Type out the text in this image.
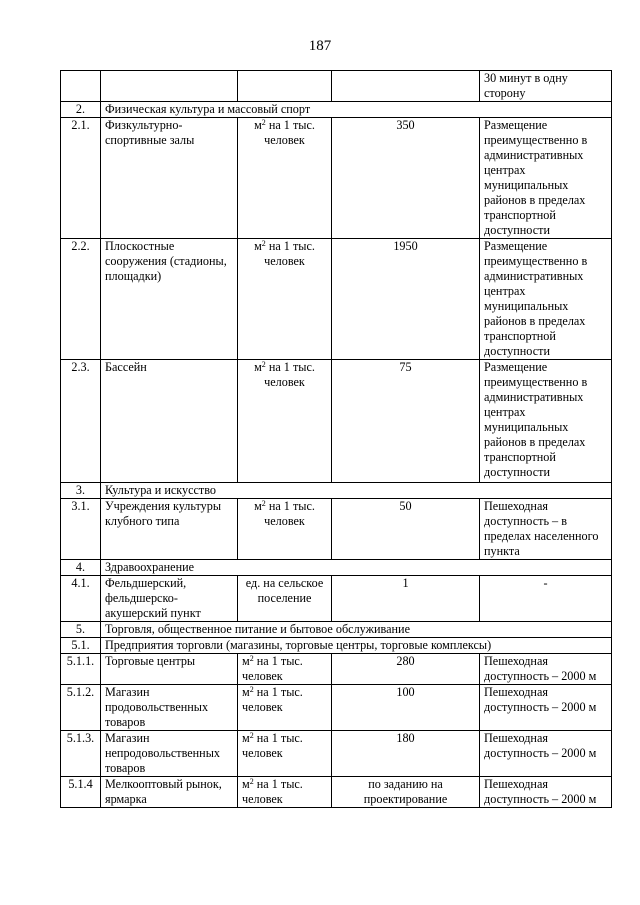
187
				30 минут в одну сторону
2.	Физическая культура и массовый спорт			
2.1.	Физкультурно-спортивные залы	$м^2$ на 1 тыс. человек	350	Размещение преимущественно в административных центрах муниципальных районов в пределах транспортной доступности
2.2.	Плоскостные сооружения (стадионы, площадки)	$м^2$ на 1 тыс. человек	1950	Размещение преимущественно в административных центрах муниципальных районов в пределах транспортной доступности
2.3.	Бассейн	$м^2$ на 1 тыс. человек	75	Размещение преимущественно в административных центрах муниципальных районов в пределах транспортной доступности
3.	Культура и искусство			
3.1.	Учреждения культуры клубного типа	$м^2$ на 1 тыс. человек	50	Пешеходная доступность – в пределах населенного пункта
4.	Здравоохранение			
4.1.	Фельдшерский, фельдшерско-акушерский пункт	ед. на сельское поселение	1	-
5.	Торговля, общественное питание и бытовое обслуживание			
5.1.	Предприятия торговли (магазины, торговые центры, торговые комплексы)			
5.1.1.	Торговые центры	$м^2$ на 1 тыс. человек	280	Пешеходная доступность – 2000 м
5.1.2.	Магазин продовольственных товаров	$м^2$ на 1 тыс. человек	100	Пешеходная доступность – 2000 м
5.1.3.	Магазин непродовольственных товаров	$м^2$ на 1 тыс. человек	180	Пешеходная доступность – 2000 м
5.1.4	Мелкооптовый рынок, ярмарка	$м^2$ на 1 тыс. человек	по заданию на проектирование	Пешеходная доступность – 2000 м
